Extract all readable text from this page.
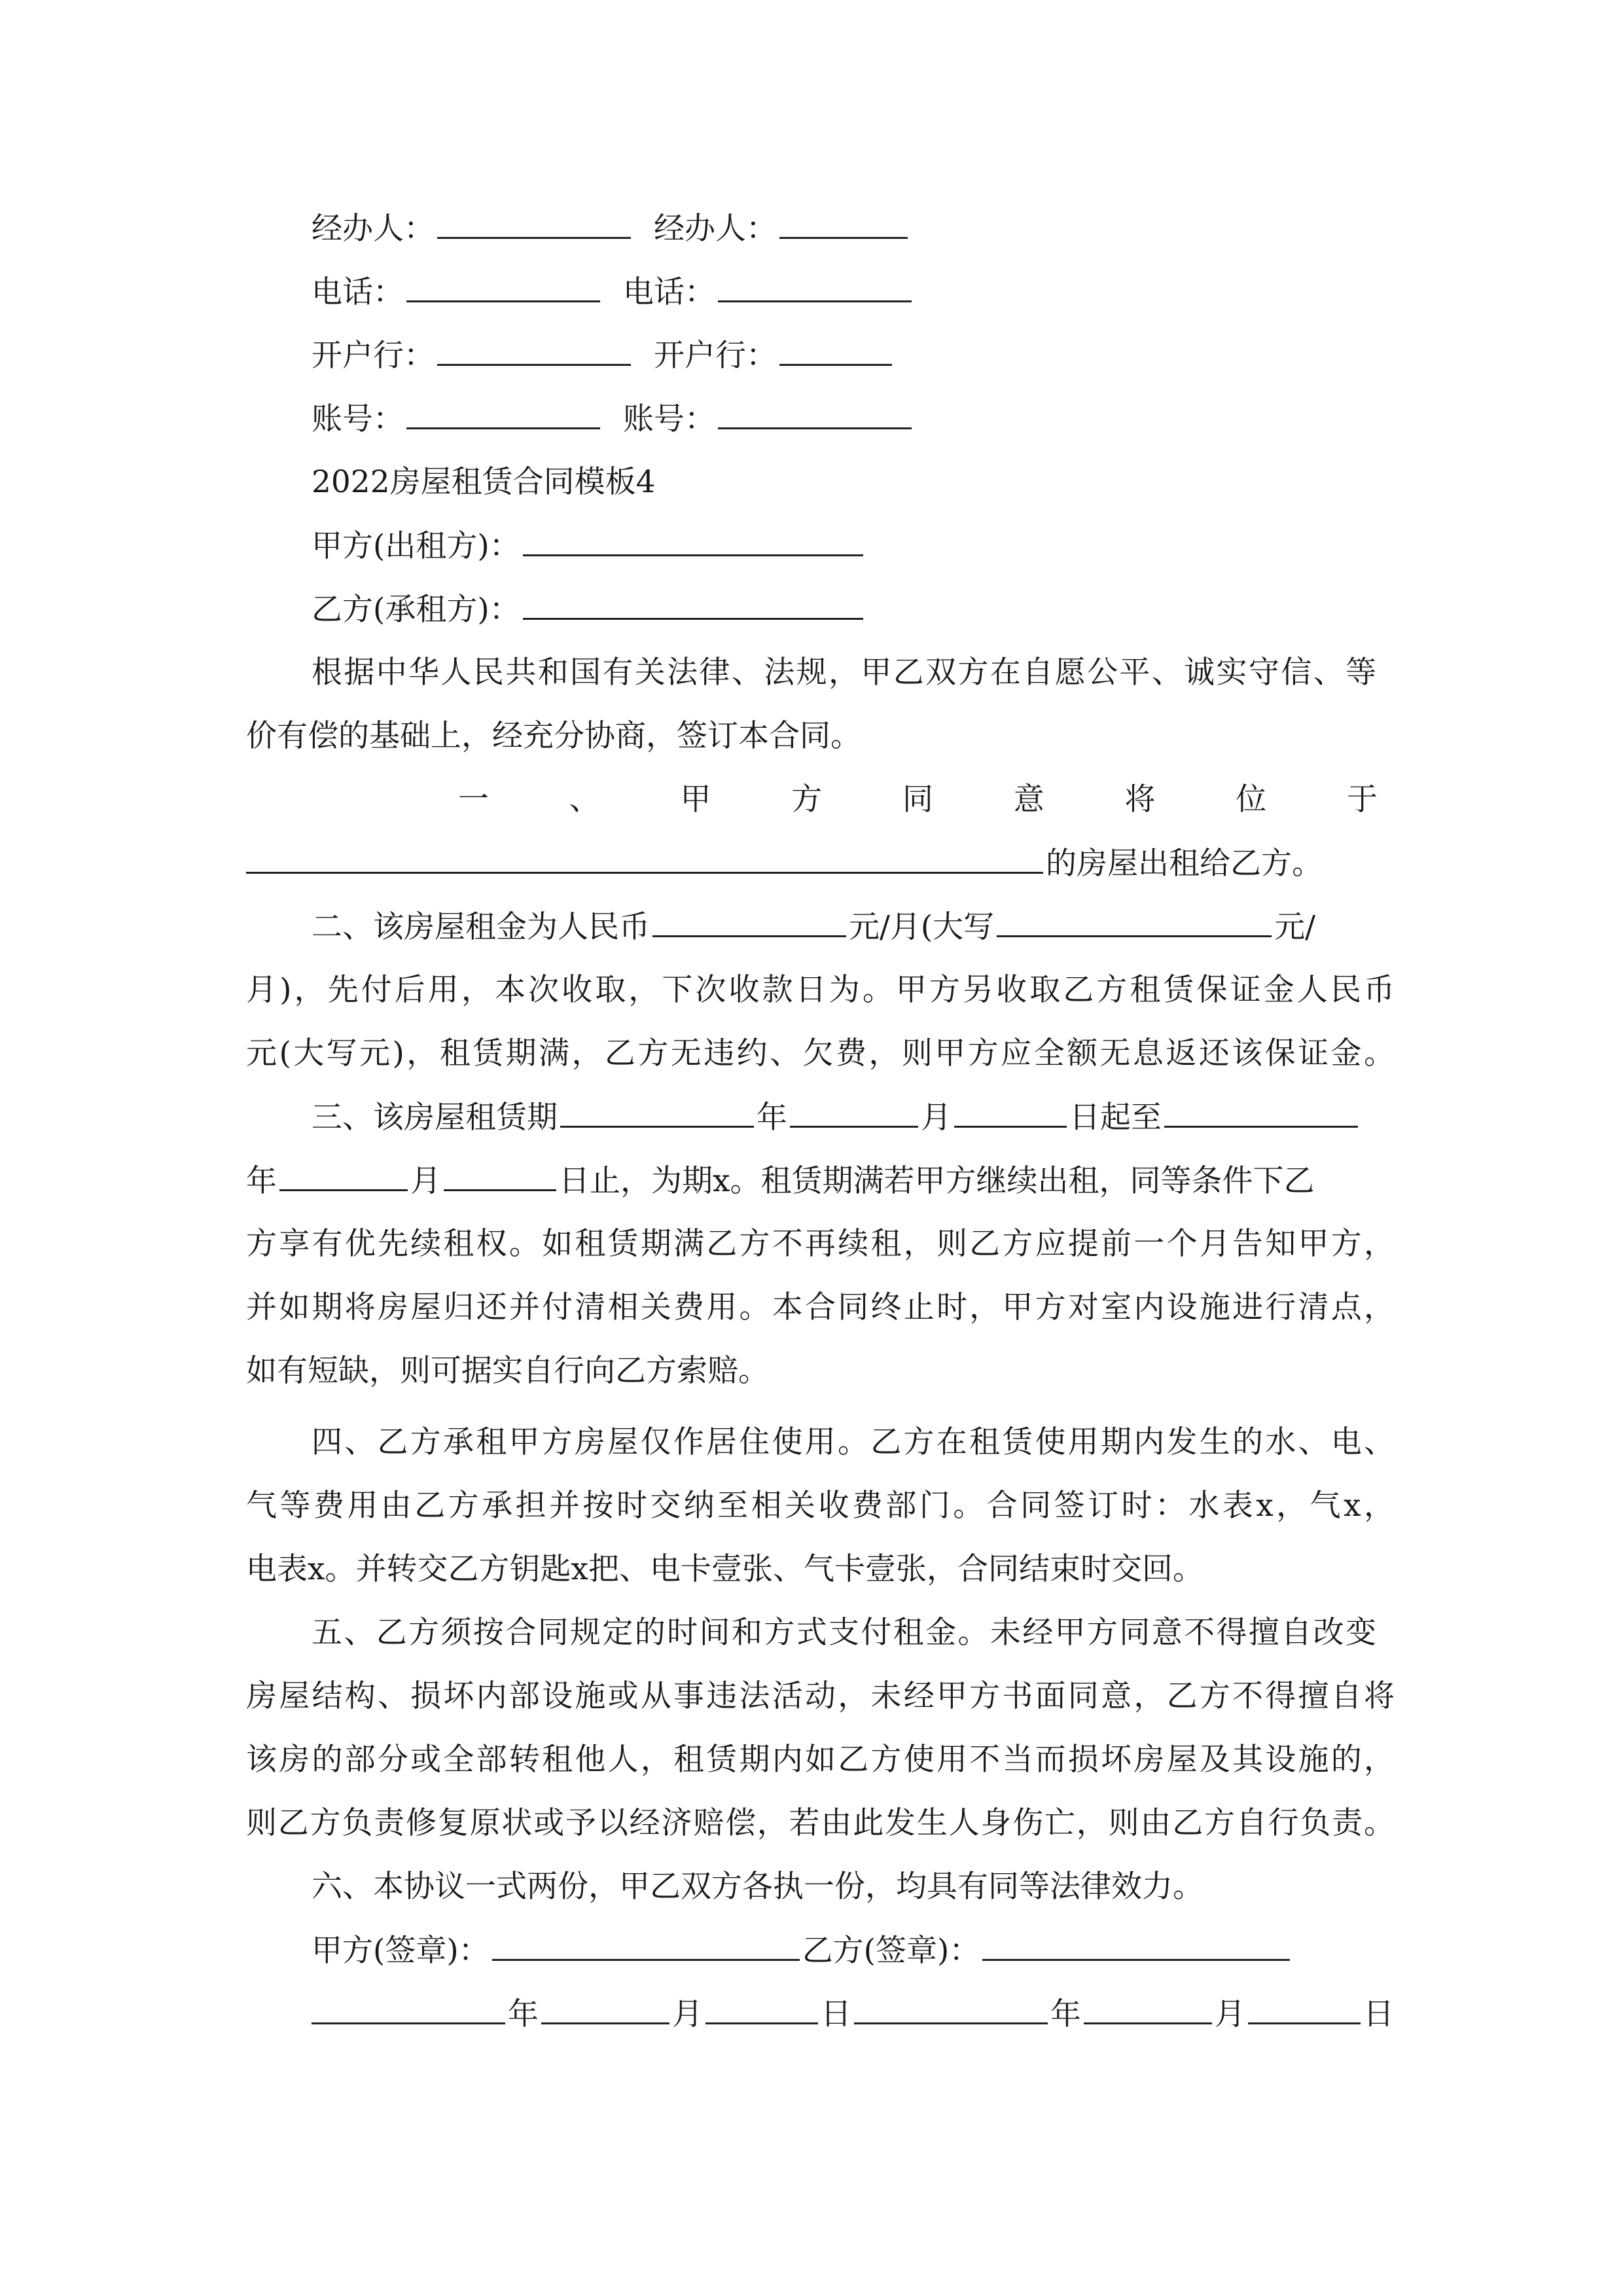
经办人：	经办人：
电话：	电话：
开户行：	开户行：
账号：	账号：
2022房屋租赁合同模板4
甲方(出租方)：
乙方(承租方)：
根据中华人民共和国有关法律、法规，甲乙双方在自愿公平、诚实守信、等
价有偿的基础上，经充分协商，签订本合同。
一	、	甲	方	同	意	将	位	于
的房屋出租给乙方。
二、该房屋租金为人民币	元/月(大写	元/
月)，先付后用，本次收取，下次收款日为。甲方另收取乙方租赁保证金人民币
元(大写元)，租赁期满，乙方无违约、欠费，则甲方应全额无息返还该保证金。
三、该房屋租赁期	年	月	日起至
年	月	日止，为期x。租赁期满若甲方继续出租，同等条件下乙
方享有优先续租权。如租赁期满乙方不再续租，则乙方应提前一个月告知甲方，
并如期将房屋归还并付清相关费用。本合同终止时，甲方对室内设施进行清点，
如有短缺，则可据实自行向乙方索赔。
四、乙方承租甲方房屋仅作居住使用。乙方在租赁使用期内发生的水、电、
气等费用由乙方承担并按时交纳至相关收费部门。合同签订时：水表x，气x，
电表x。并转交乙方钥匙x把、电卡壹张、气卡壹张，合同结束时交回。
五、乙方须按合同规定的时间和方式支付租金。未经甲方同意不得擅自改变
房屋结构、损坏内部设施或从事违法活动，未经甲方书面同意，乙方不得擅自将
该房的部分或全部转租他人，租赁期内如乙方使用不当而损坏房屋及其设施的，
则乙方负责修复原状或予以经济赔偿，若由此发生人身伤亡，则由乙方自行负责。
六、本协议一式两份，甲乙双方各执一份，均具有同等法律效力。
甲方(签章)：	乙方(签章)：
年	月	日	年	月	日
